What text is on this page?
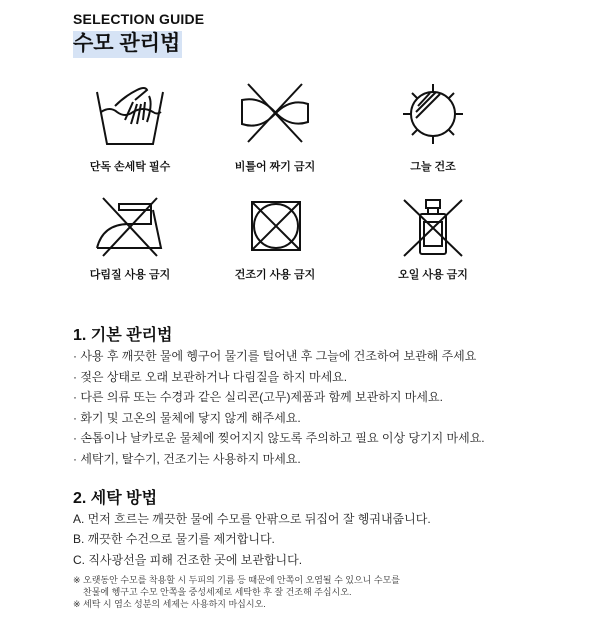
SELECTION GUIDE
수모 관리법
단독 손세탁 필수	비틀어 짜기 금지	그늘 건조
다림질 사용 금지	건조기 사용 금지	오일 사용 금지
1. 기본 관리법
· 사용 후 깨끗한 물에 헹구어 물기를 털어낸 후 그늘에 건조하여 보관해 주세요
· 젖은 상태로 오래 보관하거나 다림질을 하지 마세요.
· 다른 의류 또는 수경과 같은 실리콘(고무)제품과 함께 보관하지 마세요.
· 화기 및 고온의 물체에 닿지 않게 해주세요.
· 손톱이나 날카로운 물체에 찢어지지 않도록 주의하고 필요 이상 당기지 마세요.
· 세탁기, 탈수기, 건조기는 사용하지 마세요.
2. 세탁 방법
A. 먼저 흐르는 깨끗한 물에 수모를 안팎으로 뒤집어 잘 헹궈내줍니다.
B. 깨끗한 수건으로 물기를 제거합니다.
C. 직사광선을 피해 건조한 곳에 보관합니다.
※ 오랫동안 수모를 착용할 시 두피의 기름 등 때문에 안쪽이 오염될 수 있으니 수모를
찬물에 헹구고 수모 안쪽을 중성세제로 세탁한 후 잘 건조해 주십시오.
※ 세탁 시 염소 성분의 세제는 사용하지 마십시오.
